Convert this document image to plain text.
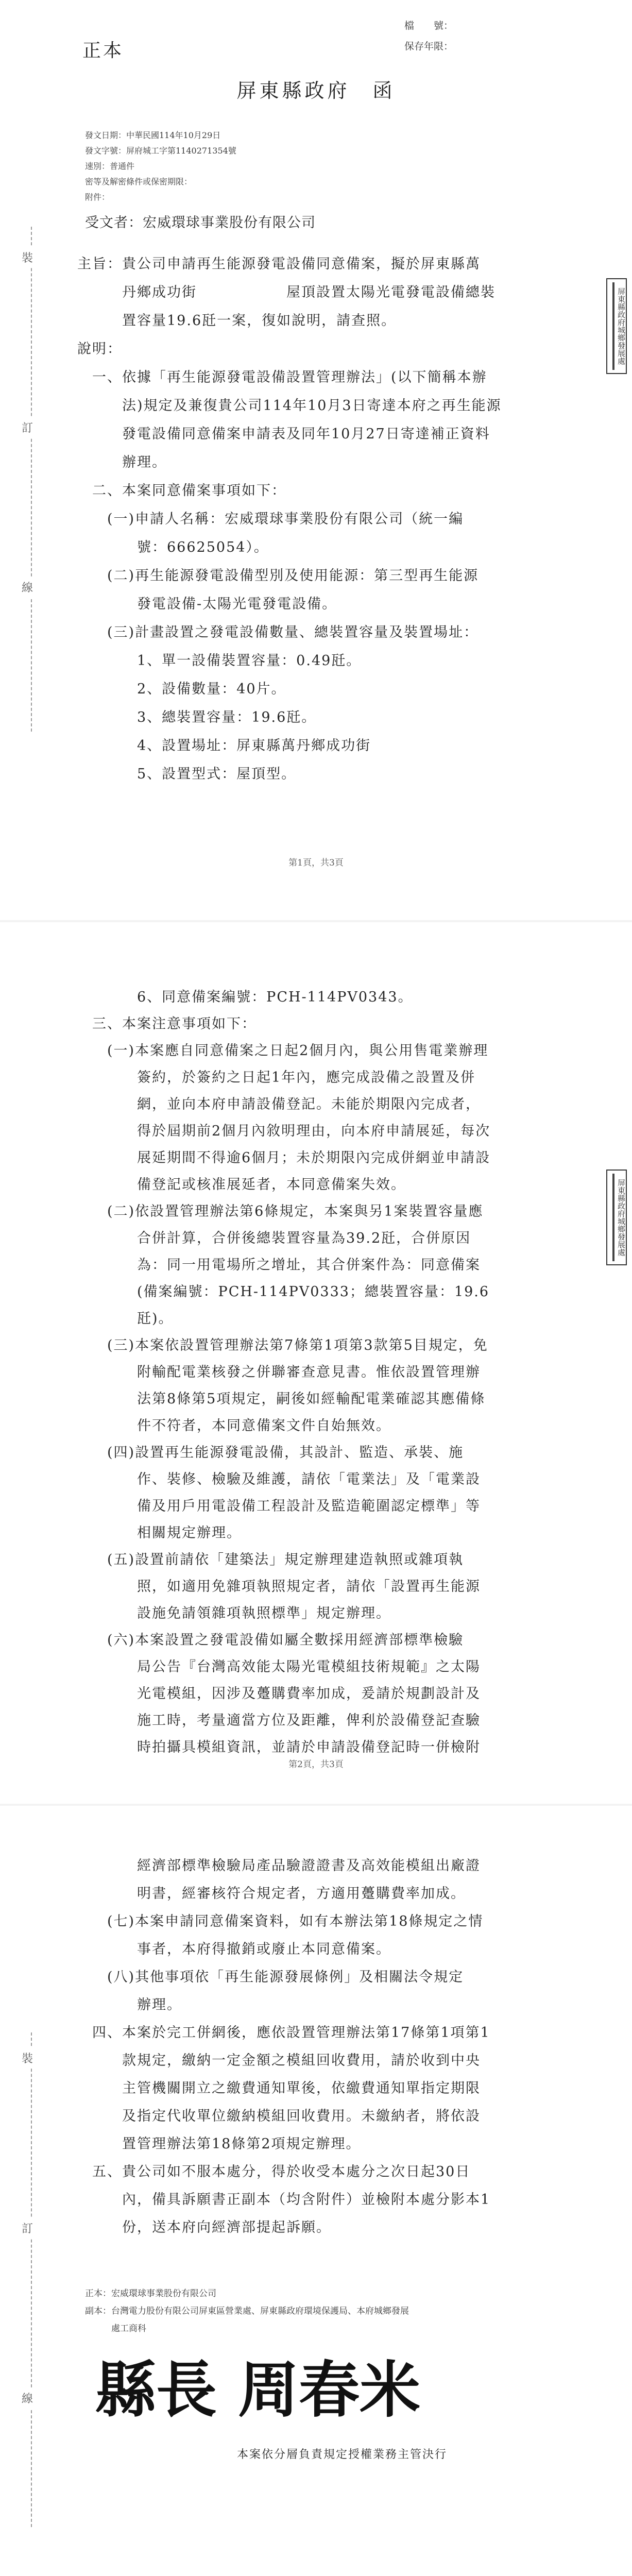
裝
訂
線
正本
檔　　號：
保存年限：
屏東縣政府　函
發文日期：中華民國114年10月29日
發文字號：屏府城工字第1140271354號
速別：普通件
密等及解密條件或保密期限：
附件：
受文者：宏威環球事業股份有限公司
主旨：貴公司申請再生能源發電設備同意備案，擬於屏東縣萬
　　　丹鄉成功街　　　　　　屋頂設置太陽光電發電設備總裝
　　　置容量19.6瓩一案，復如說明，請查照。
說明：
　一、依據「再生能源發電設備設置管理辦法」(以下簡稱本辦
　　　法)規定及兼復貴公司114年10月3日寄達本府之再生能源
　　　發電設備同意備案申請表及同年10月27日寄達補正資料
　　　辦理。
　二、本案同意備案事項如下：
　　(一)申請人名稱：宏威環球事業股份有限公司（統一編
　　　　號：66625054）。
　　(二)再生能源發電設備型別及使用能源：第三型再生能源
　　　　發電設備-太陽光電發電設備。
　　(三)計畫設置之發電設備數量、總裝置容量及裝置場址：
　　　　1、單一設備裝置容量：0.49瓩。
　　　　2、設備數量：40片。
　　　　3、總裝置容量：19.6瓩。
　　　　4、設置場址：屏東縣萬丹鄉成功街
　　　　5、設置型式：屋頂型。
屏東縣政府城鄉發展處
第1頁，共3頁
　　　　6、同意備案編號：PCH-114PV0343。
　三、本案注意事項如下：
　　(一)本案應自同意備案之日起2個月內，與公用售電業辦理
　　　　簽約，於簽約之日起1年內，應完成設備之設置及併
　　　　網，並向本府申請設備登記。未能於期限內完成者，
　　　　得於屆期前2個月內敘明理由，向本府申請展延，每次
　　　　展延期間不得逾6個月；未於期限內完成併網並申請設
　　　　備登記或核准展延者，本同意備案失效。
　　(二)依設置管理辦法第6條規定，本案與另1案裝置容量應
　　　　合併計算，合併後總裝置容量為39.2瓩，合併原因
　　　　為：同一用電場所之增址，其合併案件為：同意備案
　　　　(備案編號：PCH-114PV0333；總裝置容量：19.6
　　　　瓩)。
　　(三)本案依設置管理辦法第7條第1項第3款第5目規定，免
　　　　附輸配電業核發之併聯審查意見書。惟依設置管理辦
　　　　法第8條第5項規定，嗣後如經輸配電業確認其應備條
　　　　件不符者，本同意備案文件自始無效。
　　(四)設置再生能源發電設備，其設計、監造、承裝、施
　　　　作、裝修、檢驗及維護，請依「電業法」及「電業設
　　　　備及用戶用電設備工程設計及監造範圍認定標準」等
　　　　相關規定辦理。
　　(五)設置前請依「建築法」規定辦理建造執照或雜項執
　　　　照，如適用免雜項執照規定者，請依「設置再生能源
　　　　設施免請領雜項執照標準」規定辦理。
　　(六)本案設置之發電設備如屬全數採用經濟部標準檢驗
　　　　局公告『台灣高效能太陽光電模組技術規範』之太陽
　　　　光電模組，因涉及躉購費率加成，爰請於規劃設計及
　　　　施工時，考量適當方位及距離，俾利於設備登記查驗
　　　　時拍攝具模組資訊，並請於申請設備登記時一併檢附
屏東縣政府城鄉發展處
第2頁，共3頁
裝
訂
線
　　　　經濟部標準檢驗局產品驗證證書及高效能模組出廠證
　　　　明書，經審核符合規定者，方適用躉購費率加成。
　　(七)本案申請同意備案資料，如有本辦法第18條規定之情
　　　　事者，本府得撤銷或廢止本同意備案。
　　(八)其他事項依「再生能源發展條例」及相關法令規定
　　　　辦理。
　四、本案於完工併網後，應依設置管理辦法第17條第1項第1
　　　款規定，繳納一定金額之模組回收費用，請於收到中央
　　　主管機關開立之繳費通知單後，依繳費通知單指定期限
　　　及指定代收單位繳納模組回收費用。未繳納者，將依設
　　　置管理辦法第18條第2項規定辦理。
　五、貴公司如不服本處分，得於收受本處分之次日起30日
　　　內，備具訴願書正副本（均含附件）並檢附本處分影本1
　　　份，送本府向經濟部提起訴願。
正本：宏威環球事業股份有限公司
副本：台灣電力股份有限公司屏東區營業處、屏東縣政府環境保護局、本府城鄉發展
　　　處工商科
縣長 周春米
本案依分層負責規定授權業務主管決行
